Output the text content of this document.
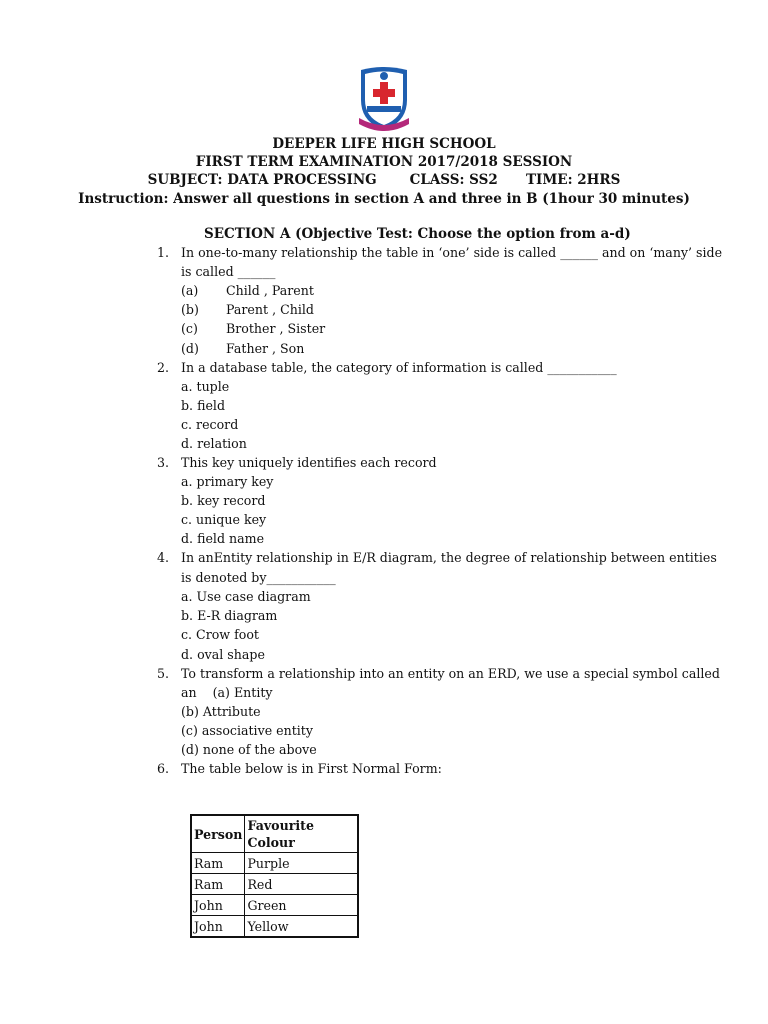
DEEPER LIFE HIGH SCHOOL
FIRST TERM EXAMINATION 2017/2018 SESSION
SUBJECT: DATA PROCESSING       CLASS: SS2      TIME: 2HRS
Instruction: Answer all questions in section A and three in B (1hour 30 minutes)
SECTION A (Objective Test: Choose the option from a-d)
1. In one-to-many relationship the table in ‘one’ side is called ______ and on ‘many’ side
is called ______
(a) Child , Parent
(b) Parent , Child
(c) Brother , Sister
(d) Father , Son
2. In a database table, the category of information is called ___________
a. tuple
b. field
c. record
d. relation
3. This key uniquely identifies each record
a. primary key
b. key record
c. unique key
d. field name
4. In anEntity relationship in E/R diagram, the degree of relationship between entities
is denoted by___________
a. Use case diagram
b. E-R diagram
c. Crow foot
d. oval shape
5. To transform a relationship into an entity on an ERD, we use a special symbol called
an    (a) Entity
(b) Attribute
(c) associative entity
(d) none of the above
6. The table below is in First Normal Form:
Person	Favourite Colour
Ram	Purple
Ram	Red
John	Green
John	Yellow
